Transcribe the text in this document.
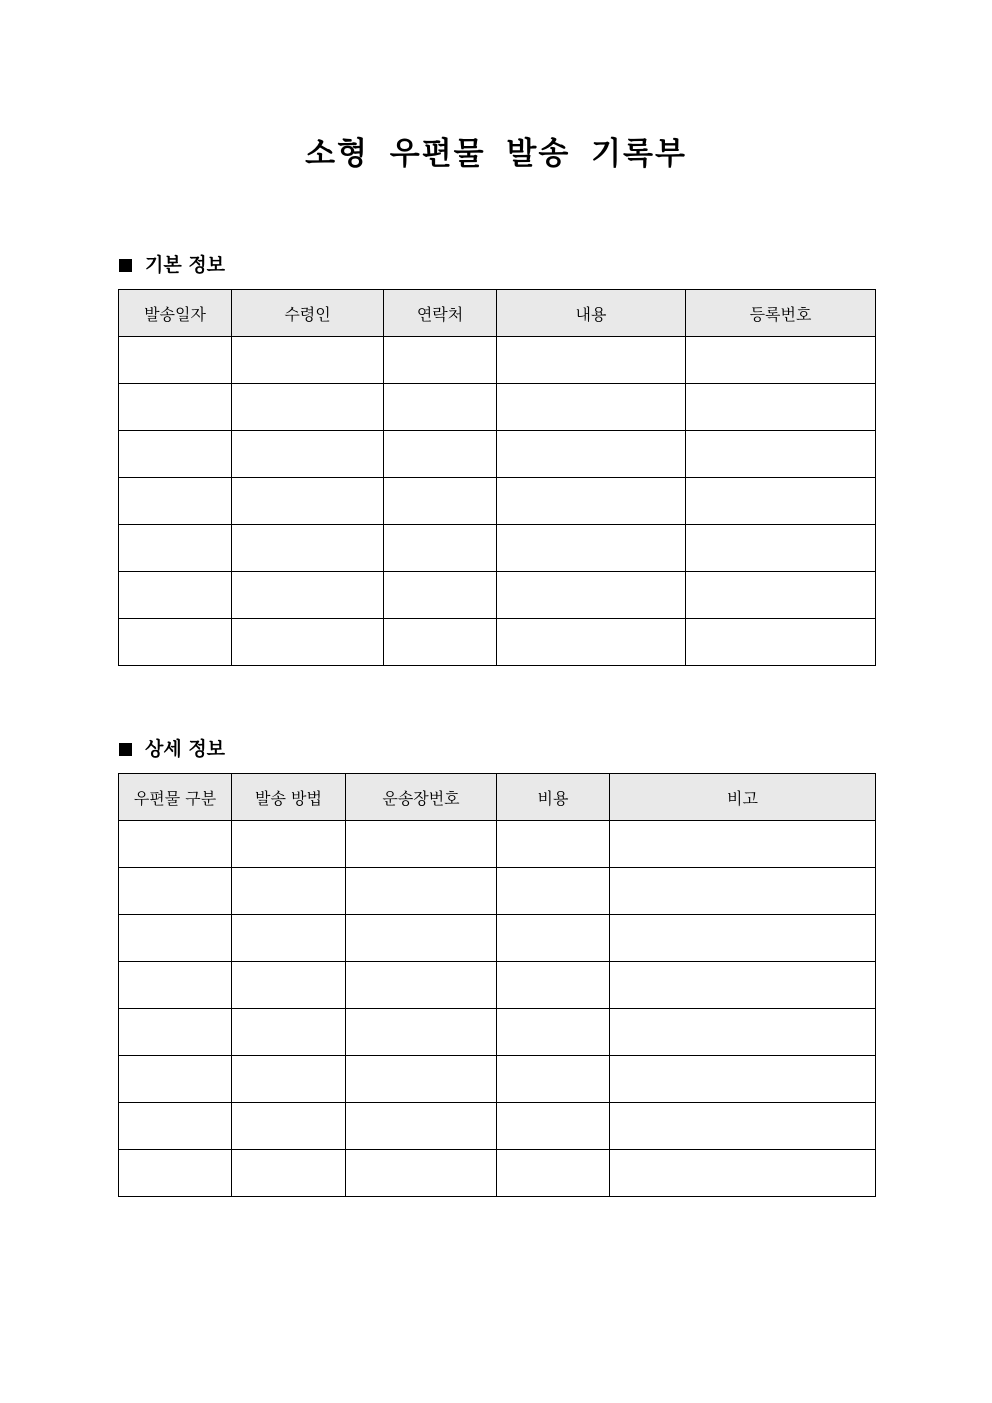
소형 우편물 발송 기록부
기본 정보
발송일자	수령인	연락처	내용	등록번호

상세 정보
우편물 구분	발송 방법	운송장번호	비용	비고
